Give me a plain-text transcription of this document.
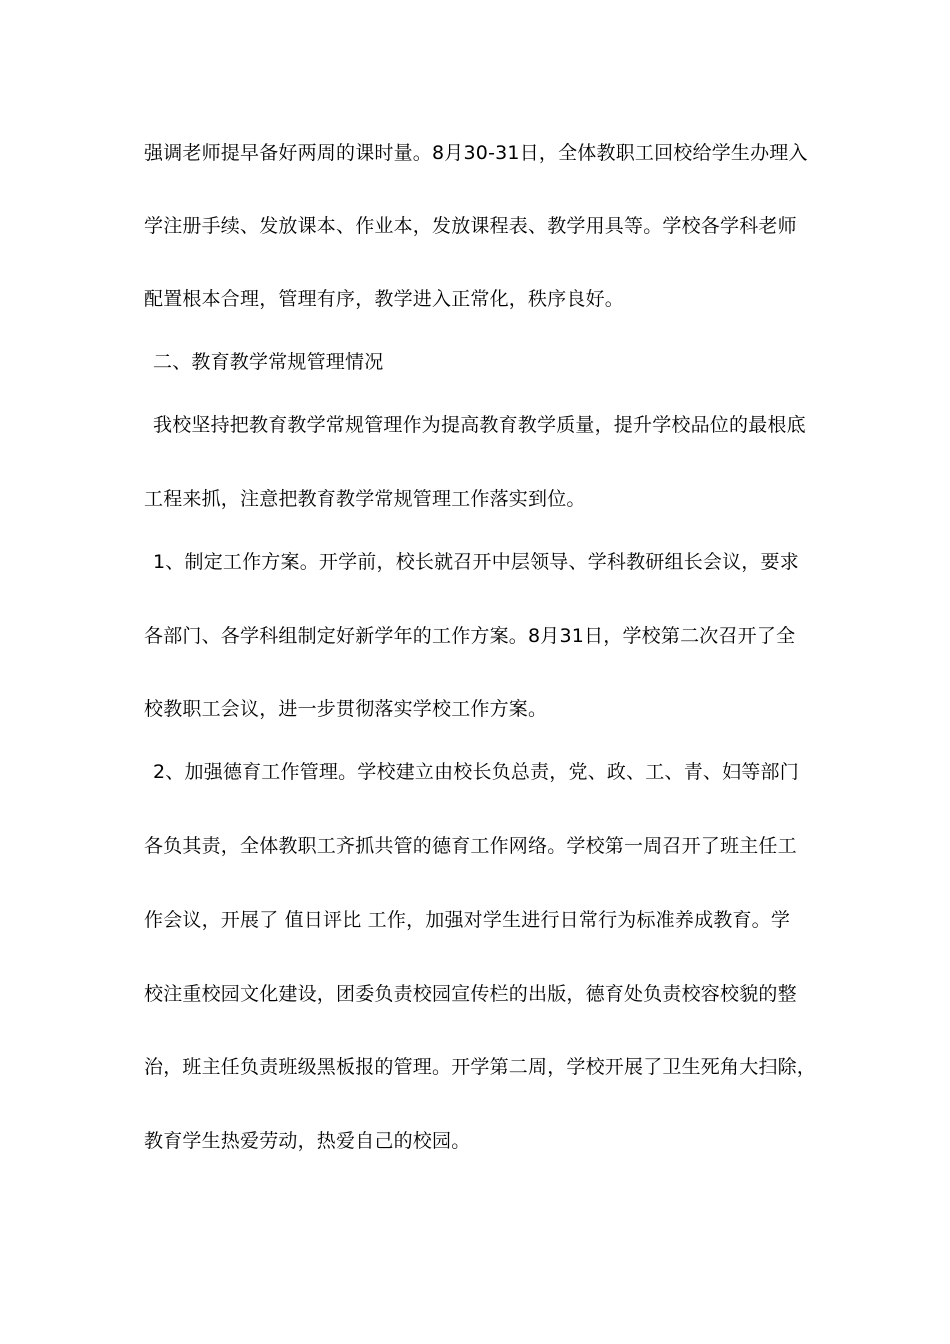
强调老师提早备好两周的课时量。8月30-31日，全体教职工回校给学生办理入
学注册手续、发放课本、作业本，发放课程表、教学用具等。学校各学科老师
配置根本合理，管理有序，教学进入正常化，秩序良好。
二、教育教学常规管理情况
我校坚持把教育教学常规管理作为提高教育教学质量，提升学校品位的最根底
工程来抓，注意把教育教学常规管理工作落实到位。
1、制定工作方案。开学前，校长就召开中层领导、学科教研组长会议，要求
各部门、各学科组制定好新学年的工作方案。8月31日，学校第二次召开了全
校教职工会议，进一步贯彻落实学校工作方案。
2、加强德育工作管理。学校建立由校长负总责，党、政、工、青、妇等部门
各负其责，全体教职工齐抓共管的德育工作网络。学校第一周召开了班主任工
作会议，开展了 值日评比 工作，加强对学生进行日常行为标准养成教育。学
校注重校园文化建设，团委负责校园宣传栏的出版，德育处负责校容校貌的整
治，班主任负责班级黑板报的管理。开学第二周，学校开展了卫生死角大扫除，
教育学生热爱劳动，热爱自己的校园。
